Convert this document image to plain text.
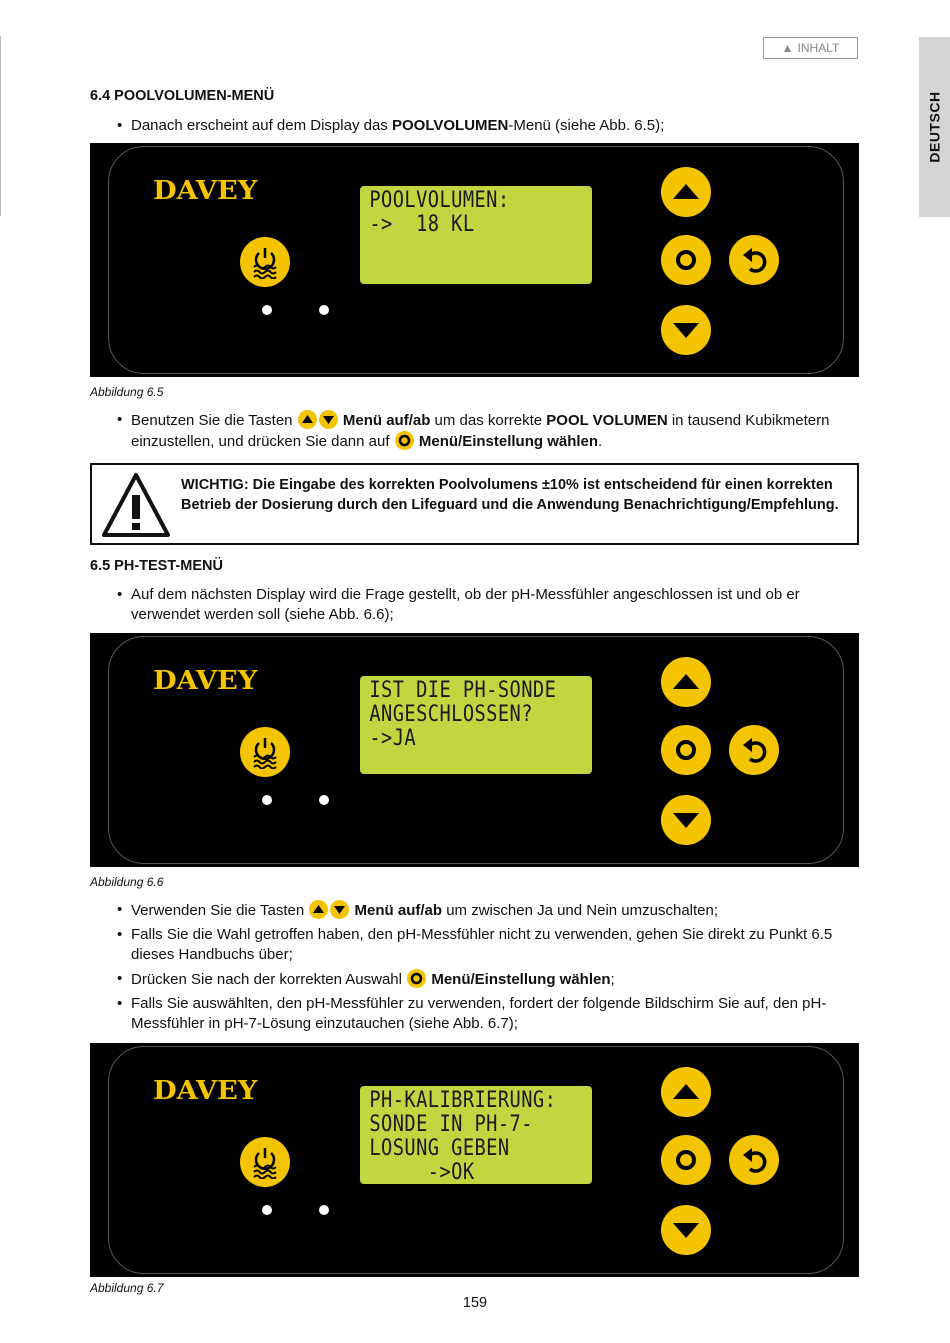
▲ INHALT
DEUTSCH
6.4 POOLVOLUMEN-MENÜ
• Danach erscheint auf dem Display das POOLVOLUMEN-Menü (siehe Abb. 6.5);
DAVEY	POOLVOLUMEN:
->  18 KL
Abbildung 6.5
• Benutzen Sie die Tasten	Menü auf/ab um das korrekte POOL VOLUMEN in tausend Kubikmetern einzustellen, und drücken Sie dann auf
Menü/Einstellung wählen.
WICHTIG: Die Eingabe des korrekten Poolvolumens ±10% ist entscheidend für einen korrekten Betrieb der Dosierung durch den Lifeguard und die Anwendung Benachrichtigung/Empfehlung.
6.5 PH-TEST-MENÜ
• Auf dem nächsten Display wird die Frage gestellt, ob der pH-Messfühler angeschlossen ist und ob er verwendet werden soll (siehe Abb. 6.6);
DAVEY	IST DIE PH-SONDE
ANGESCHLOSSEN?
->JA
Abbildung 6.6
• Verwenden Sie die Tasten	Menü auf/ab um zwischen Ja und Nein umzuschalten;
• Falls Sie die Wahl getroffen haben, den pH-Messfühler nicht zu verwenden, gehen Sie direkt zu Punkt 6.5 dieses Handbuchs über;
• Drücken Sie nach der korrekten Auswahl
Menü/Einstellung wählen;
• Falls Sie auswählten, den pH-Messfühler zu verwenden, fordert der folgende Bildschirm Sie auf, den pH-Messfühler in pH-7-Lösung einzutauchen (siehe Abb. 6.7);
DAVEY	PH-KALIBRIERUNG:
SONDE IN PH-7-
LOSUNG GEBEN
->OK
Abbildung 6.7
159
